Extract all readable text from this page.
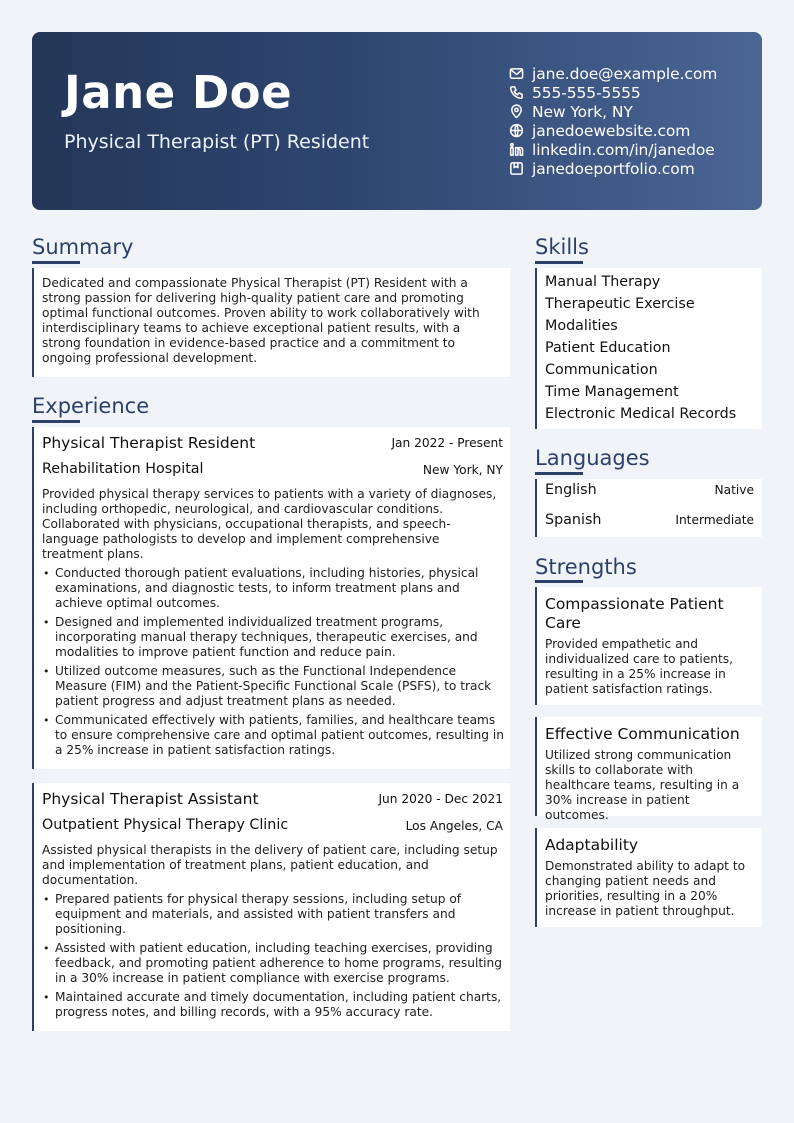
Jane Doe
Physical Therapist (PT) Resident
jane.doe@example.com
555-555-5555
New York, NY
janedoewebsite.com
linkedin.com/in/janedoe
janedoeportfolio.com
Summary
Dedicated and compassionate Physical Therapist (PT) Resident with a strong passion for delivering high-quality patient care and promoting optimal functional outcomes. Proven ability to work collaboratively with interdisciplinary teams to achieve exceptional patient results, with a strong foundation in evidence-based practice and a commitment to ongoing professional development.
Experience
Physical Therapist Resident	Jan 2022 - Present
Rehabilitation Hospital	New York, NY
Provided physical therapy services to patients with a variety of diagnoses, including orthopedic, neurological, and cardiovascular conditions. Collaborated with physicians, occupational therapists, and speech-language pathologists to develop and implement comprehensive treatment plans.
• Conducted thorough patient evaluations, including histories, physical examinations, and diagnostic tests, to inform treatment plans and achieve optimal outcomes.
• Designed and implemented individualized treatment programs, incorporating manual therapy techniques, therapeutic exercises, and modalities to improve patient function and reduce pain.
• Utilized outcome measures, such as the Functional Independence Measure (FIM) and the Patient-Specific Functional Scale (PSFS), to track patient progress and adjust treatment plans as needed.
• Communicated effectively with patients, families, and healthcare teams to ensure comprehensive care and optimal patient outcomes, resulting in a 25% increase in patient satisfaction ratings.
Physical Therapist Assistant	Jun 2020 - Dec 2021
Outpatient Physical Therapy Clinic	Los Angeles, CA
Assisted physical therapists in the delivery of patient care, including setup and implementation of treatment plans, patient education, and documentation.
• Prepared patients for physical therapy sessions, including setup of equipment and materials, and assisted with patient transfers and positioning.
• Assisted with patient education, including teaching exercises, providing feedback, and promoting patient adherence to home programs, resulting in a 30% increase in patient compliance with exercise programs.
• Maintained accurate and timely documentation, including patient charts, progress notes, and billing records, with a 95% accuracy rate.
Skills
Manual Therapy
Therapeutic Exercise
Modalities
Patient Education
Communication
Time Management
Electronic Medical Records
Languages
English	Native
Spanish	Intermediate
Strengths
Compassionate Patient Care
Provided empathetic and individualized care to patients, resulting in a 25% increase in patient satisfaction ratings.
Effective Communication
Utilized strong communication skills to collaborate with healthcare teams, resulting in a 30% increase in patient outcomes.
Adaptability
Demonstrated ability to adapt to changing patient needs and priorities, resulting in a 20% increase in patient throughput.
